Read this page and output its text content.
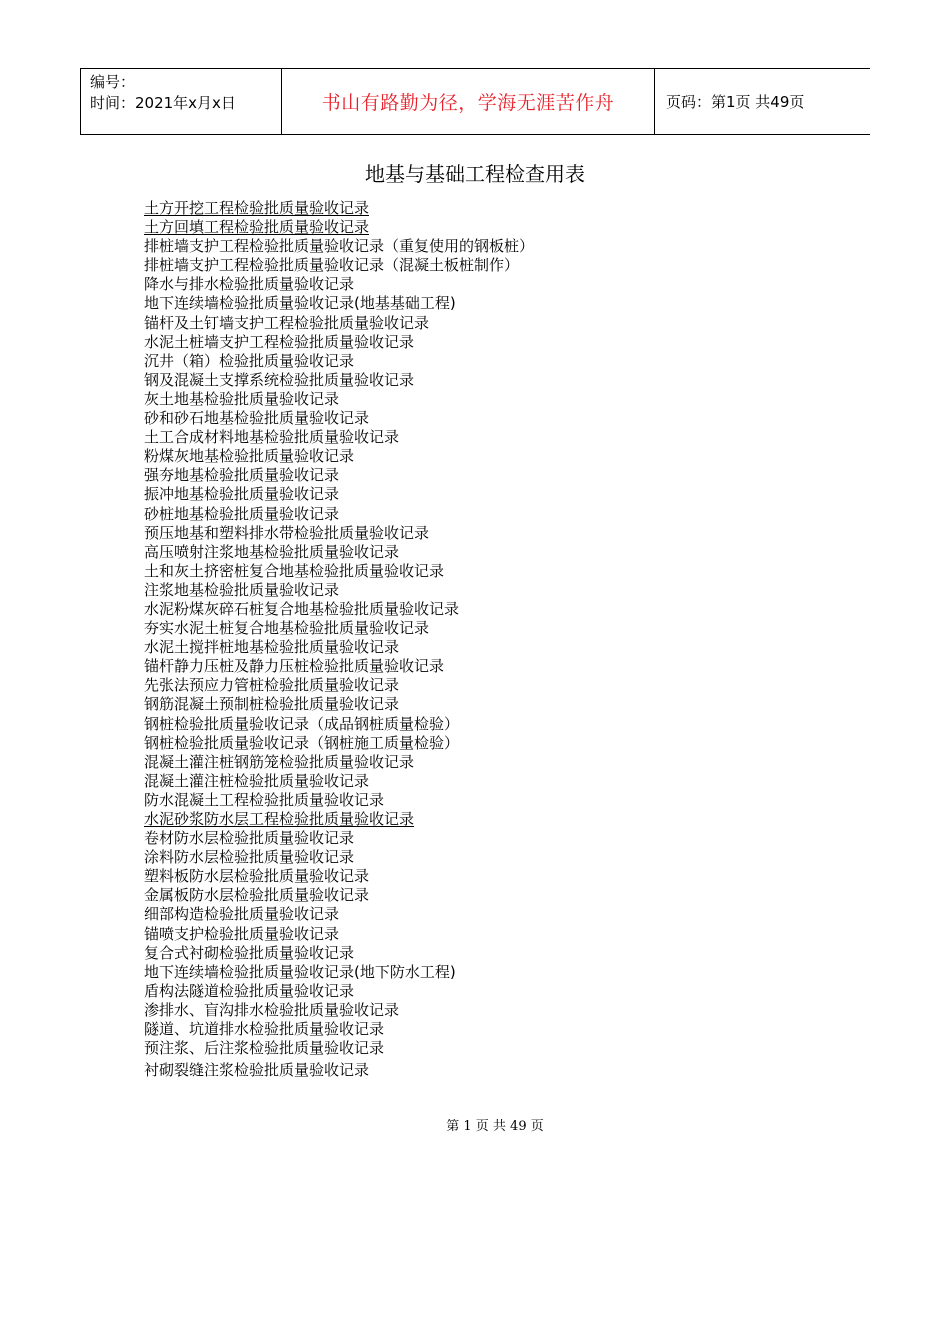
编号：
时间：2021年x月x日	书山有路勤为径，学海无涯苦作舟	页码：第1页 共49页
地基与基础工程检查用表
土方开挖工程检验批质量验收记录
土方回填工程检验批质量验收记录
排桩墙支护工程检验批质量验收记录（重复使用的钢板桩）
排桩墙支护工程检验批质量验收记录（混凝土板桩制作）
降水与排水检验批质量验收记录
地下连续墙检验批质量验收记录(地基基础工程)
锚杆及土钉墙支护工程检验批质量验收记录
水泥土桩墙支护工程检验批质量验收记录
沉井（箱）检验批质量验收记录
钢及混凝土支撑系统检验批质量验收记录
灰土地基检验批质量验收记录
砂和砂石地基检验批质量验收记录
土工合成材料地基检验批质量验收记录
粉煤灰地基检验批质量验收记录
强夯地基检验批质量验收记录
振冲地基检验批质量验收记录
砂桩地基检验批质量验收记录
预压地基和塑料排水带检验批质量验收记录
高压喷射注浆地基检验批质量验收记录
土和灰土挤密桩复合地基检验批质量验收记录
注浆地基检验批质量验收记录
水泥粉煤灰碎石桩复合地基检验批质量验收记录
夯实水泥土桩复合地基检验批质量验收记录
水泥土搅拌桩地基检验批质量验收记录
锚杆静力压桩及静力压桩检验批质量验收记录
先张法预应力管桩检验批质量验收记录
钢筋混凝土预制桩检验批质量验收记录
钢桩检验批质量验收记录（成品钢桩质量检验）
钢桩检验批质量验收记录（钢桩施工质量检验）
混凝土灌注桩钢筋笼检验批质量验收记录
混凝土灌注桩检验批质量验收记录
防水混凝土工程检验批质量验收记录
水泥砂浆防水层工程检验批质量验收记录
卷材防水层检验批质量验收记录
涂料防水层检验批质量验收记录
塑料板防水层检验批质量验收记录
金属板防水层检验批质量验收记录
细部构造检验批质量验收记录
锚喷支护检验批质量验收记录
复合式衬砌检验批质量验收记录
地下连续墙检验批质量验收记录(地下防水工程)
盾构法隧道检验批质量验收记录
渗排水、盲沟排水检验批质量验收记录
隧道、坑道排水检验批质量验收记录
预注浆、后注浆检验批质量验收记录
衬砌裂缝注浆检验批质量验收记录
第 1 页 共 49 页
